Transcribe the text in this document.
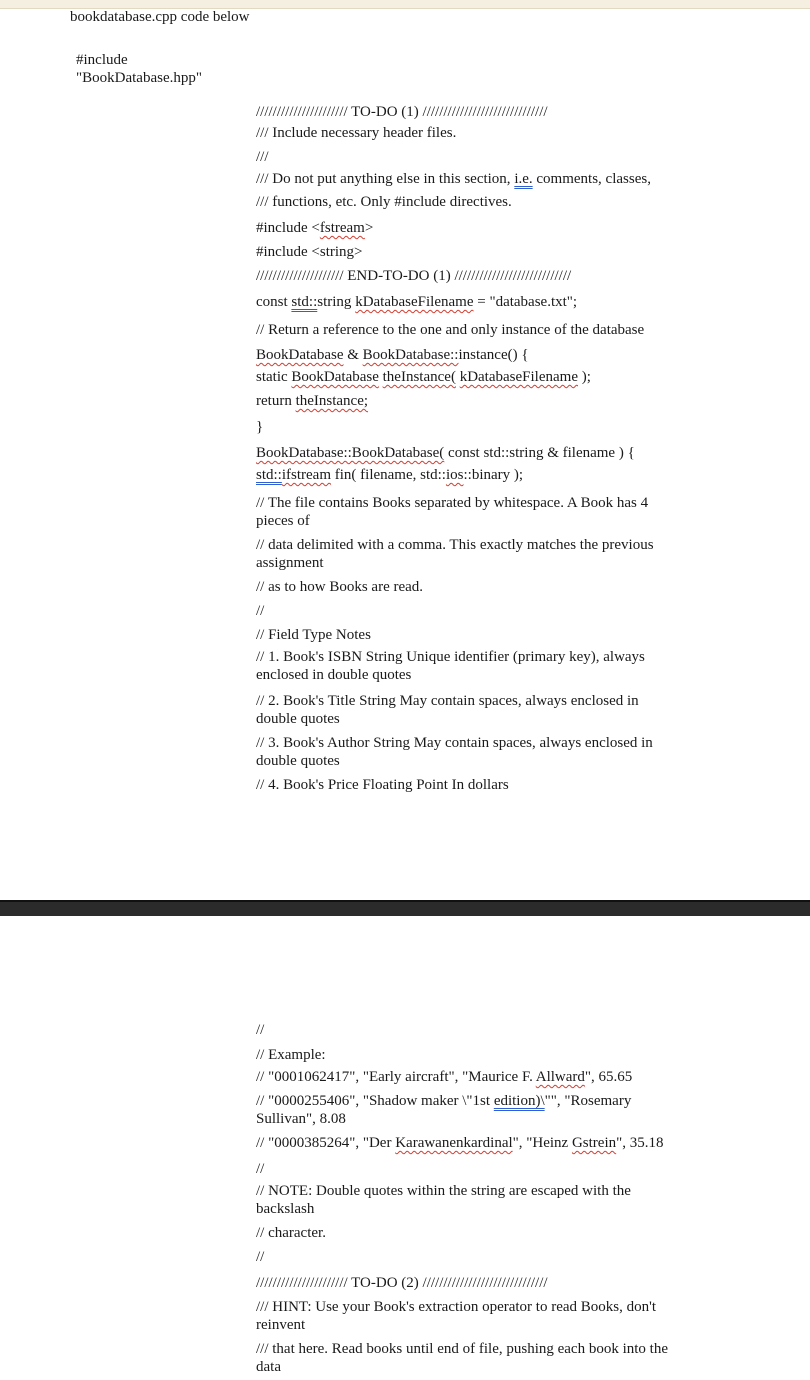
bookdatabase.cpp code below
#include
"BookDatabase.hpp"
////////////////////// TO-DO (1) //////////////////////////////
/// Include necessary header files.
///
/// Do not put anything else in this section, i.e. comments, classes,
/// functions, etc. Only #include directives.
#include <fstream>
#include <string>
///////////////////// END-TO-DO (1) ////////////////////////////
const std::string kDatabaseFilename = "database.txt";
// Return a reference to the one and only instance of the database
BookDatabase & BookDatabase::instance() {
static BookDatabase theInstance( kDatabaseFilename );
return theInstance;
}
BookDatabase::BookDatabase( const std::string & filename ) {
std::ifstream fin( filename, std::ios::binary );
// The file contains Books separated by whitespace. A Book has 4
pieces of
// data delimited with a comma. This exactly matches the previous
assignment
// as to how Books are read.
//
// Field Type Notes
// 1. Book's ISBN String Unique identifier (primary key), always
enclosed in double quotes
// 2. Book's Title String May contain spaces, always enclosed in
double quotes
// 3. Book's Author String May contain spaces, always enclosed in
double quotes
// 4. Book's Price Floating Point In dollars
//
// Example:
// "0001062417", "Early aircraft", "Maurice F. Allward", 65.65
// "0000255406", "Shadow maker \"1st edition)\"", "Rosemary
Sullivan", 8.08
// "0000385264", "Der Karawanenkardinal", "Heinz Gstrein", 35.18
//
// NOTE: Double quotes within the string are escaped with the
backslash
// character.
//
////////////////////// TO-DO (2) //////////////////////////////
/// HINT: Use your Book's extraction operator to read Books, don't
reinvent
/// that here. Read books until end of file, pushing each book into the
data
